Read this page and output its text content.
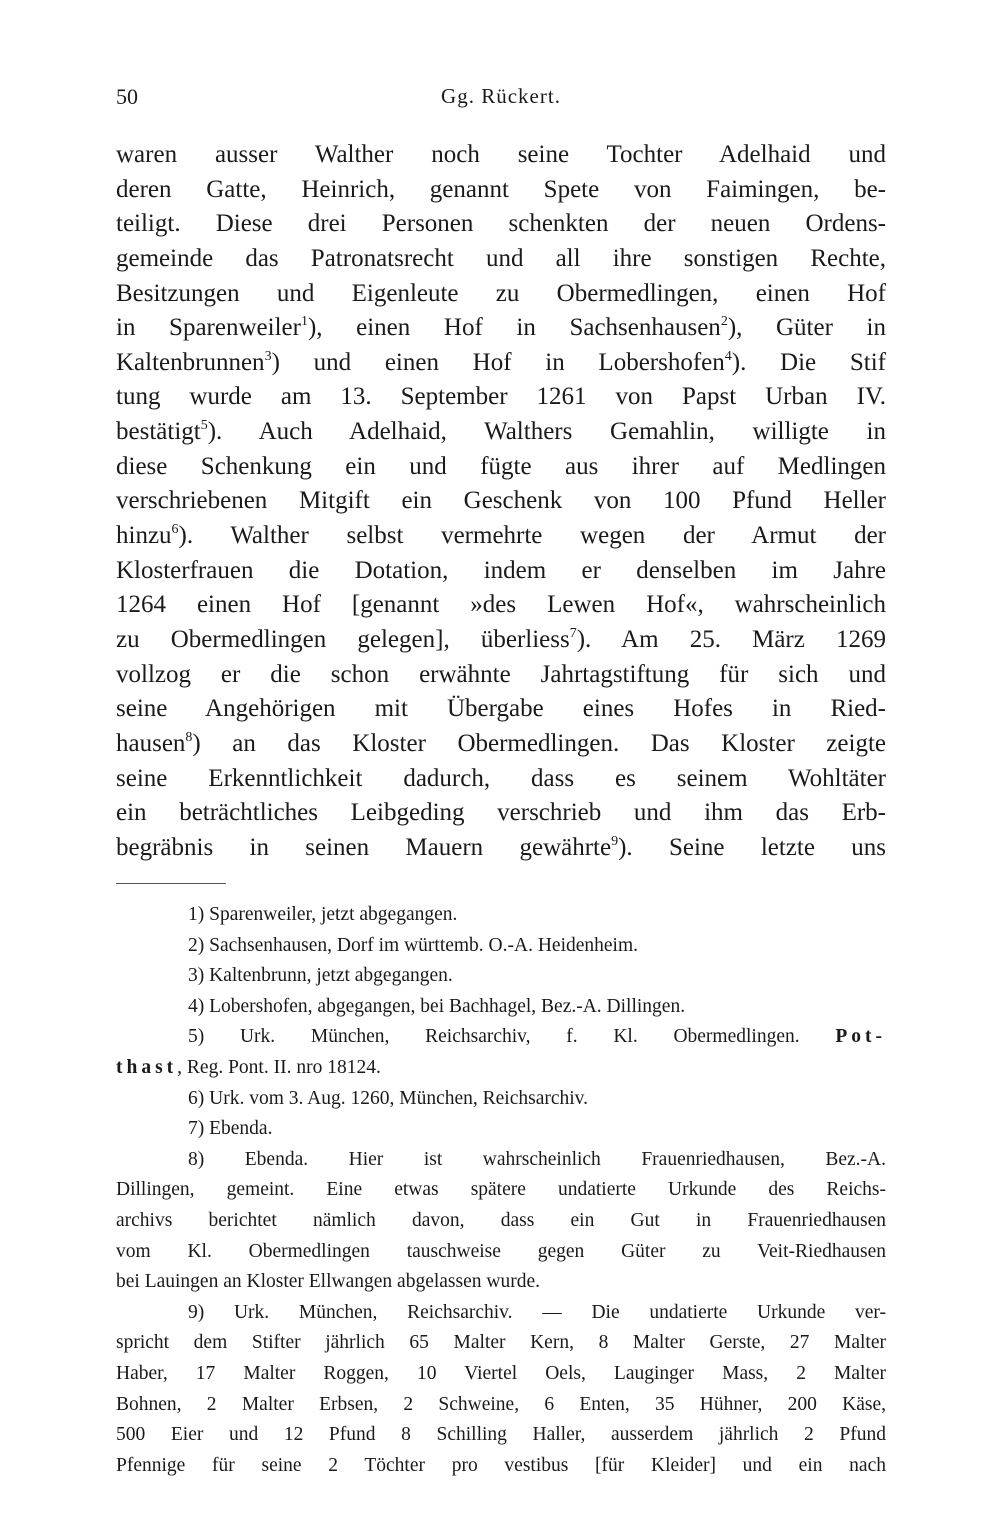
50	Gg. Rückert.
waren ausser Walther noch seine Tochter Adelhaid und
deren Gatte, Heinrich, genannt Spete von Faimingen, be-
teiligt. Diese drei Personen schenkten der neuen Ordens-
gemeinde das Patronatsrecht und all ihre sonstigen Rechte,
Besitzungen und Eigenleute zu Obermedlingen, einen Hof
in Sparenweiler$^1$), einen Hof in Sachsenhausen$^2$), Güter in
Kaltenbrunnen$^3$) und einen Hof in Lobershofen$^4$). Die Stif
tung wurde am 13. September 1261 von Papst Urban IV.
bestätigt$^5$). Auch Adelhaid, Walthers Gemahlin, willigte in
diese Schenkung ein und fügte aus ihrer auf Medlingen
verschriebenen Mitgift ein Geschenk von 100 Pfund Heller
hinzu$^6$). Walther selbst vermehrte wegen der Armut der
Klosterfrauen die Dotation, indem er denselben im Jahre
1264 einen Hof [genannt »des Lewen Hof«, wahrscheinlich
zu Obermedlingen gelegen], überliess$^7$). Am 25. März 1269
vollzog er die schon erwähnte Jahrtagstiftung für sich und
seine Angehörigen mit Übergabe eines Hofes in Ried-
hausen$^8$) an das Kloster Obermedlingen. Das Kloster zeigte
seine Erkenntlichkeit dadurch, dass es seinem Wohltäter
ein beträchtliches Leibgeding verschrieb und ihm das Erb-
begräbnis in seinen Mauern gewährte$^9$). Seine letzte uns
1) Sparenweiler, jetzt abgegangen.
2) Sachsenhausen, Dorf im württemb. O.-A. Heidenheim.
3) Kaltenbrunn, jetzt abgegangen.
4) Lobershofen, abgegangen, bei Bachhagel, Bez.-A. Dillingen.
5) Urk. München, Reichsarchiv, f. Kl. Obermedlingen. Pot-
thast, Reg. Pont. II. nro 18124.
6) Urk. vom 3. Aug. 1260, München, Reichsarchiv.
7) Ebenda.
8) Ebenda. Hier ist wahrscheinlich Frauenriedhausen, Bez.-A.
Dillingen, gemeint. Eine etwas spätere undatierte Urkunde des Reichs-
archivs berichtet nämlich davon, dass ein Gut in Frauenriedhausen
vom Kl. Obermedlingen tauschweise gegen Güter zu Veit-Riedhausen
bei Lauingen an Kloster Ellwangen abgelassen wurde.
9) Urk. München, Reichsarchiv. — Die undatierte Urkunde ver-
spricht dem Stifter jährlich 65 Malter Kern, 8 Malter Gerste, 27 Malter
Haber, 17 Malter Roggen, 10 Viertel Oels, Lauginger Mass, 2 Malter
Bohnen, 2 Malter Erbsen, 2 Schweine, 6 Enten, 35 Hühner, 200 Käse,
500 Eier und 12 Pfund 8 Schilling Haller, ausserdem jährlich 2 Pfund
Pfennige für seine 2 Töchter pro vestibus [für Kleider] und ein nach
